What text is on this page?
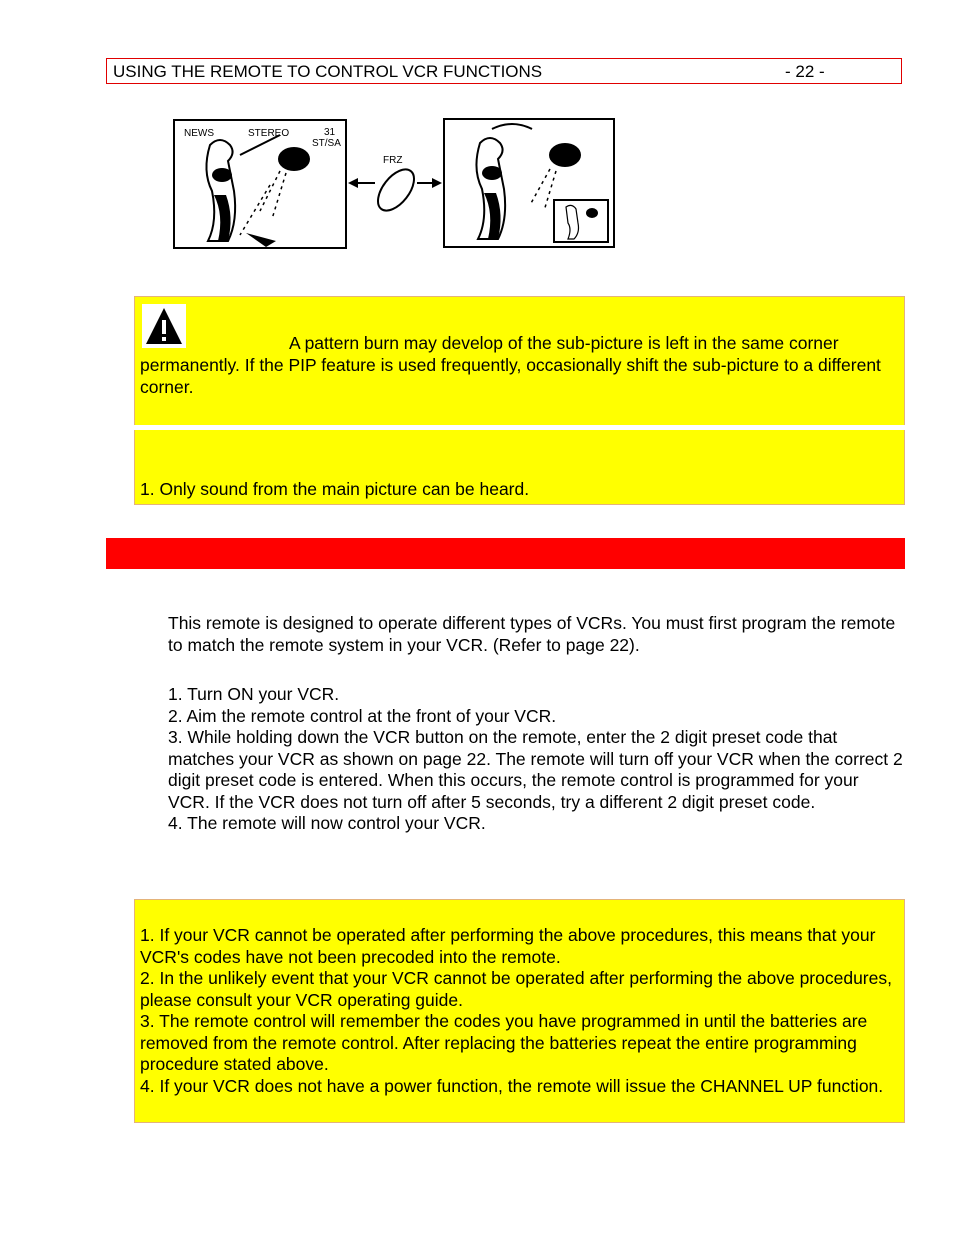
USING THE REMOTE TO CONTROL VCR FUNCTIONS	- 22 -
NEWS	STEREO	31
ST/SA
FRZ
A pattern burn may develop of the sub-picture is left in the same corner
permanently. If the PIP feature is used frequently, occasionally shift the sub-picture to a different corner.
1. Only sound from the main picture can be heard.
This remote is designed to operate different types of VCRs. You must first program the remote to match the remote system in your VCR. (Refer to page 22).
1. Turn ON your VCR.
2. Aim the remote control at the front of your VCR.
3. While holding down the VCR button on the remote, enter the 2 digit preset code that matches your VCR as shown on page 22. The remote will turn off your VCR when the correct 2 digit preset code is entered. When this occurs, the remote control is programmed for your VCR. If the VCR does not turn off after 5 seconds, try a different 2 digit preset code.
4. The remote will now control your VCR.
1. If your VCR cannot be operated after performing the above procedures, this means that your VCR's codes have not been precoded into the remote.
2. In the unlikely event that your VCR cannot be operated after performing the above procedures, please consult your VCR operating guide.
3. The remote control will remember the codes you have programmed in until the batteries are removed from the remote control. After replacing the batteries repeat the entire programming procedure stated above.
4. If your VCR does not have a power function, the remote will issue the CHANNEL UP function.
